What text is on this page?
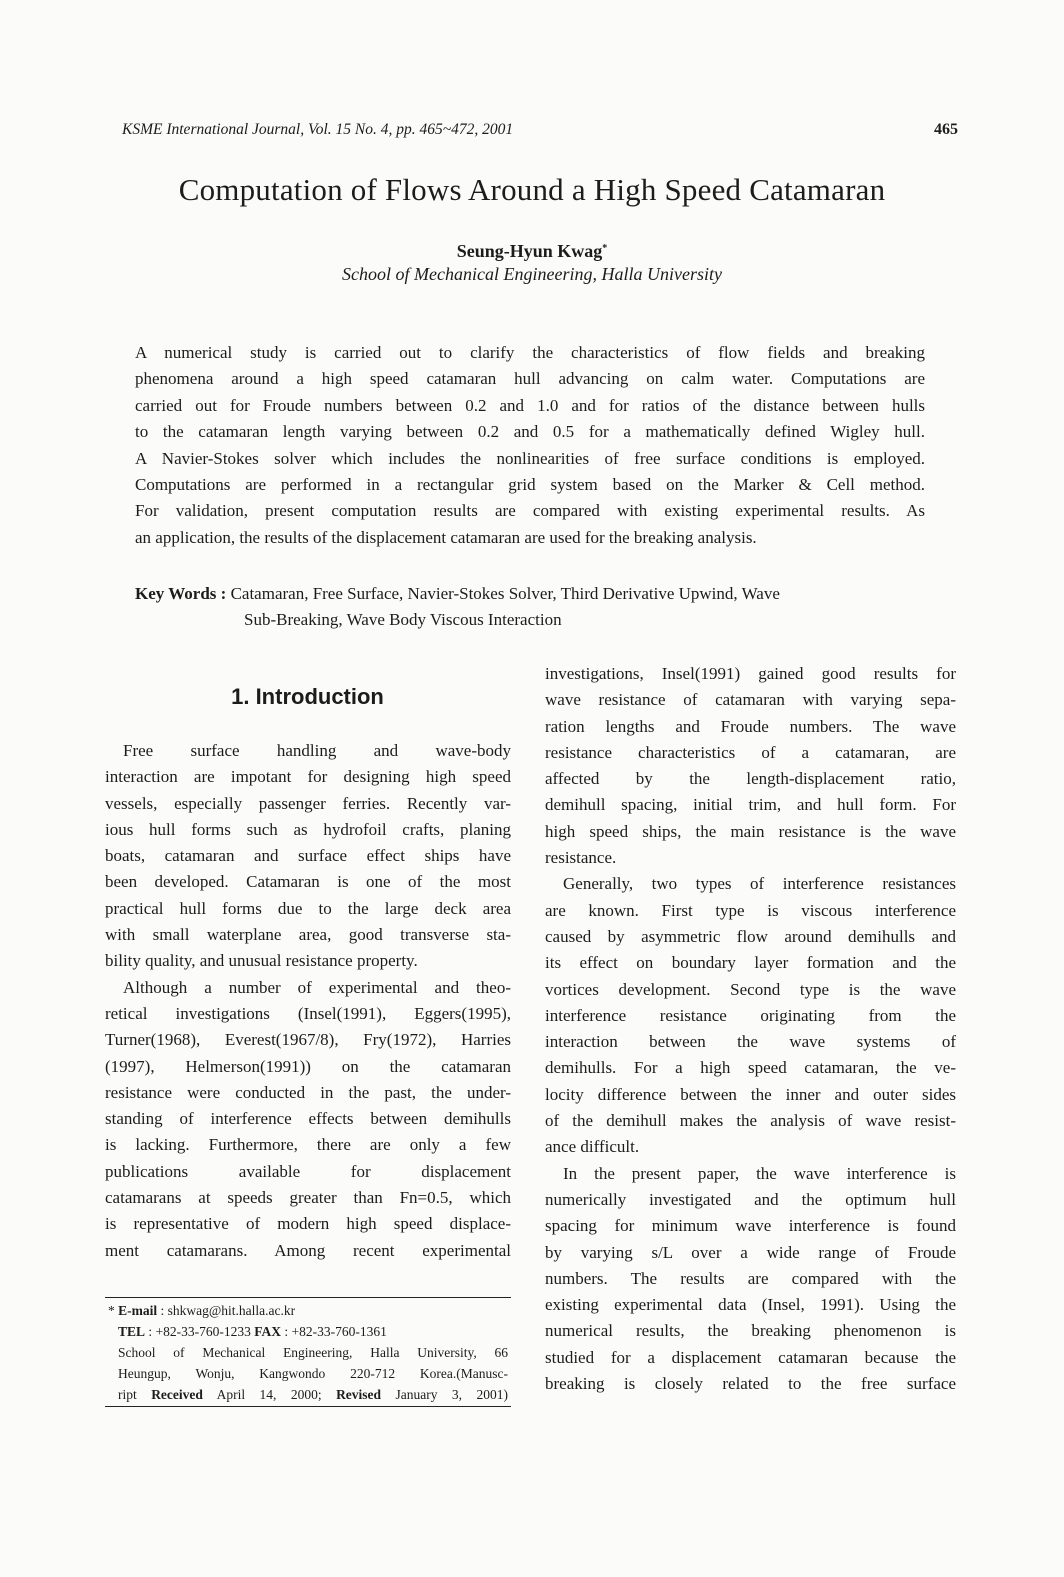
KSME International Journal, Vol. 15 No. 4, pp. 465~472, 2001	465
Computation of Flows Around a High Speed Catamaran
Seung-Hyun Kwag*
School of Mechanical Engineering, Halla University
A numerical study is carried out to clarify the characteristics of flow fields and breaking
phenomena around a high speed catamaran hull advancing on calm water. Computations are
carried out for Froude numbers between 0.2 and 1.0 and for ratios of the distance between hulls
to the catamaran length varying between 0.2 and 0.5 for a mathematically defined Wigley hull.
A Navier-Stokes solver which includes the nonlinearities of free surface conditions is employed.
Computations are performed in a rectangular grid system based on the Marker & Cell method.
For validation, present computation results are compared with existing experimental results. As
an application, the results of the displacement catamaran are used for the breaking analysis.
Key Words : Catamaran, Free Surface, Navier-Stokes Solver, Third Derivative Upwind, Wave
Sub-Breaking, Wave Body Viscous Interaction
1. Introduction
Free surface handling and wave-body
interaction are impotant for designing high speed
vessels, especially passenger ferries. Recently var-
ious hull forms such as hydrofoil crafts, planing
boats, catamaran and surface effect ships have
been developed. Catamaran is one of the most
practical hull forms due to the large deck area
with small waterplane area, good transverse sta-
bility quality, and unusual resistance property.
Although a number of experimental and theo-
retical investigations (Insel(1991), Eggers(1995),
Turner(1968), Everest(1967/8), Fry(1972), Harries
(1997), Helmerson(1991)) on the catamaran
resistance were conducted in the past, the under-
standing of interference effects between demihulls
is lacking. Furthermore, there are only a few
publications available for displacement
catamarans at speeds greater than Fn=0.5, which
is representative of modern high speed displace-
ment catamarans. Among recent experimental
investigations, Insel(1991) gained good results for
wave resistance of catamaran with varying sepa-
ration lengths and Froude numbers. The wave
resistance characteristics of a catamaran, are
affected by the length-displacement ratio,
demihull spacing, initial trim, and hull form. For
high speed ships, the main resistance is the wave
resistance.
Generally, two types of interference resistances
are known. First type is viscous interference
caused by asymmetric flow around demihulls and
its effect on boundary layer formation and the
vortices development. Second type is the wave
interference resistance originating from the
interaction between the wave systems of
demihulls. For a high speed catamaran, the ve-
locity difference between the inner and outer sides
of the demihull makes the analysis of wave resist-
ance difficult.
In the present paper, the wave interference is
numerically investigated and the optimum hull
spacing for minimum wave interference is found
by varying s/L over a wide range of Froude
numbers. The results are compared with the
existing experimental data (Insel, 1991). Using the
numerical results, the breaking phenomenon is
studied for a displacement catamaran because the
breaking is closely related to the free surface
* E-mail : shkwag@hit.halla.ac.kr
TEL : +82-33-760-1233 FAX : +82-33-760-1361
School of Mechanical Engineering, Halla University, 66
Heungup, Wonju, Kangwondo 220-712 Korea.(Manusc-
ript Received April 14, 2000; Revised January 3, 2001)
